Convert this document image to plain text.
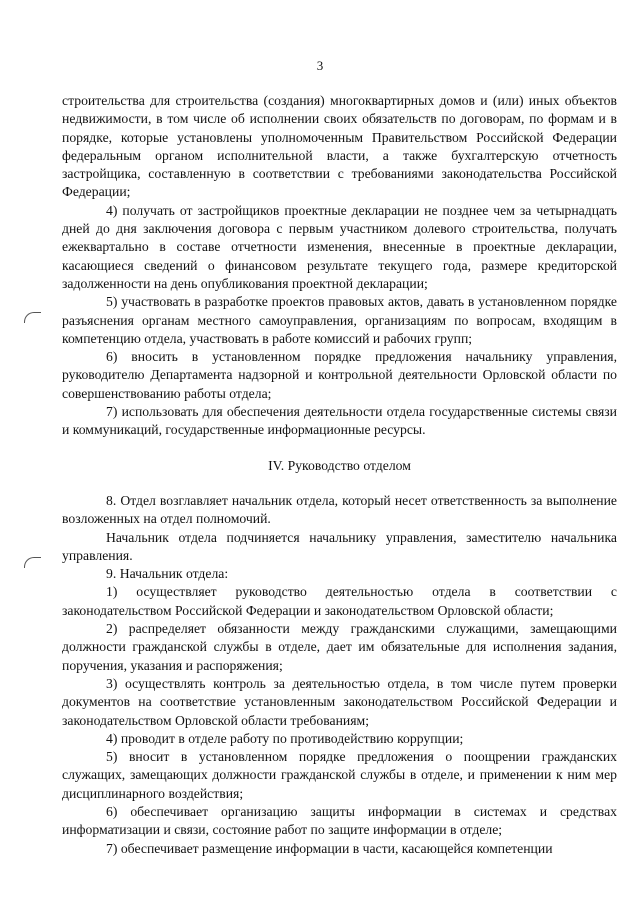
3

строительства для строительства (создания) многоквартирных домов и (или) иных объектов недвижимости, в том числе об исполнении своих обязательств по договорам, по формам и в порядке, которые установлены уполномоченным Правительством Российской Федерации федеральным органом исполнительной власти, а также бухгалтерскую отчетность застройщика, составленную в соответствии с требованиями законодательства Российской Федерации;

4) получать от застройщиков проектные декларации не позднее чем за четырнадцать дней до дня заключения договора с первым участником долевого строительства, получать ежеквартально в составе отчетности изменения, внесенные в проектные декларации, касающиеся сведений о финансовом результате текущего года, размере кредиторской задолженности на день опубликования проектной декларации;

5) участвовать в разработке проектов правовых актов, давать в установленном порядке разъяснения органам местного самоуправления, организациям по вопросам, входящим в компетенцию отдела, участвовать в работе комиссий и рабочих групп;

6) вносить в установленном порядке предложения начальнику управления, руководителю Департамента надзорной и контрольной деятельности Орловской области по совершенствованию работы отдела;

7) использовать для обеспечения деятельности отдела государственные системы связи и коммуникаций, государственные информационные ресурсы.

IV. Руководство отделом

8. Отдел возглавляет начальник отдела, который несет ответственность за выполнение возложенных на отдел полномочий.

Начальник отдела подчиняется начальнику управления, заместителю начальника управления.

9. Начальник отдела:

1) осуществляет руководство деятельностью отдела в соответствии с законодательством Российской Федерации и законодательством Орловской области;

2) распределяет обязанности между гражданскими служащими, замещающими должности гражданской службы в отделе, дает им обязательные для исполнения задания, поручения, указания и распоряжения;

3) осуществлять контроль за деятельностью отдела, в том числе путем проверки документов на соответствие установленным законодательством Российской Федерации и законодательством Орловской области требованиям;

4) проводит в отделе работу по противодействию коррупции;

5) вносит в установленном порядке предложения о поощрении гражданских служащих, замещающих должности гражданской службы в отделе, и применении к ним мер дисциплинарного воздействия;

6) обеспечивает организацию защиты информации в системах и средствах информатизации и связи, состояние работ по защите информации в отделе;

7) обеспечивает размещение информации в части, касающейся компетенции
